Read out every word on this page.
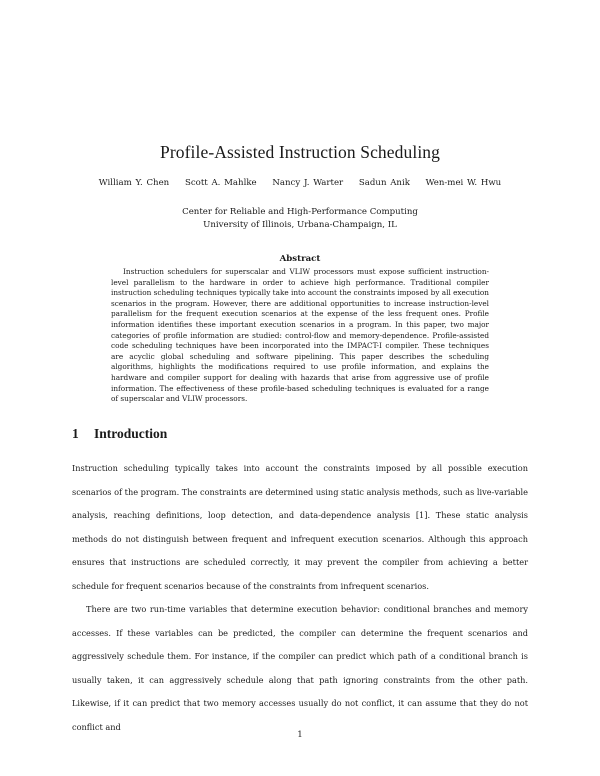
Profile-Assisted Instruction Scheduling
William Y. Chen Scott A. Mahlke Nancy J. Warter Sadun Anik Wen-mei W. Hwu
Center for Reliable and High-Performance Computing
University of Illinois, Urbana-Champaign, IL
Abstract
Instruction schedulers for superscalar and VLIW processors must expose sufficient instruction-level parallelism to the hardware in order to achieve high performance. Traditional compiler instruction scheduling techniques typically take into account the constraints imposed by all execution scenarios in the program. However, there are additional opportunities to increase instruction-level parallelism for the frequent execution scenarios at the expense of the less frequent ones. Profile information identifies these important execution scenarios in a program. In this paper, two major categories of profile information are studied: control-flow and memory-dependence. Profile-assisted code scheduling techniques have been incorporated into the IMPACT-I compiler. These techniques are acyclic global scheduling and software pipelining. This paper describes the scheduling algorithms, highlights the modifications required to use profile information, and explains the hardware and compiler support for dealing with hazards that arise from aggressive use of profile information. The effectiveness of these profile-based scheduling techniques is evaluated for a range of superscalar and VLIW processors.
1 Introduction
Instruction scheduling typically takes into account the constraints imposed by all possible execution scenarios of the program. The constraints are determined using static analysis methods, such as live-variable analysis, reaching definitions, loop detection, and data-dependence analysis [1]. These static analysis methods do not distinguish between frequent and infrequent execution scenarios. Although this approach ensures that instructions are scheduled correctly, it may prevent the compiler from achieving a better schedule for frequent scenarios because of the constraints from infrequent scenarios.
There are two run-time variables that determine execution behavior: conditional branches and memory accesses. If these variables can be predicted, the compiler can determine the frequent scenarios and aggressively schedule them. For instance, if the compiler can predict which path of a conditional branch is usually taken, it can aggressively schedule along that path ignoring constraints from the other path. Likewise, if it can predict that two memory accesses usually do not conflict, it can assume that they do not conflict and
1
